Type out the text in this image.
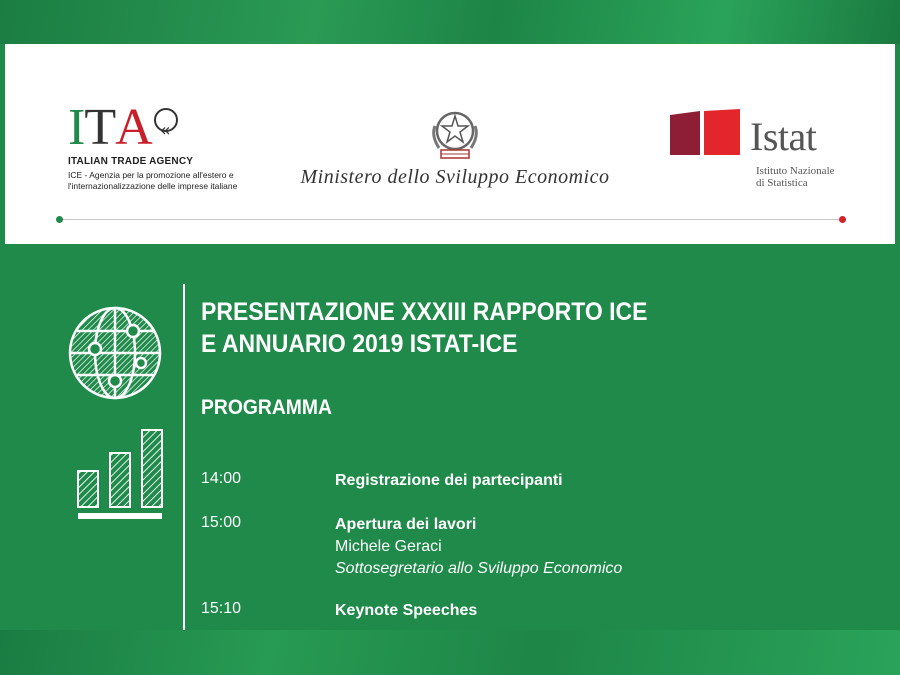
I T A
«
ITALIAN TRADE AGENCY
ICE - Agenzia per la promozione all'estero e
l'internazionalizzazione delle imprese italiane	Ministero dello Sviluppo Economico
Istat
Istituto Nazionale
di Statistica
PRESENTAZIONE XXXIII RAPPORTO ICE
E ANNUARIO 2019 ISTAT-ICE
PROGRAMMA
14:00	Registrazione dei partecipanti
15:00	Apertura dei lavori
Michele Geraci
Sottosegretario allo Sviluppo Economico
15:10	Keynote Speeches
